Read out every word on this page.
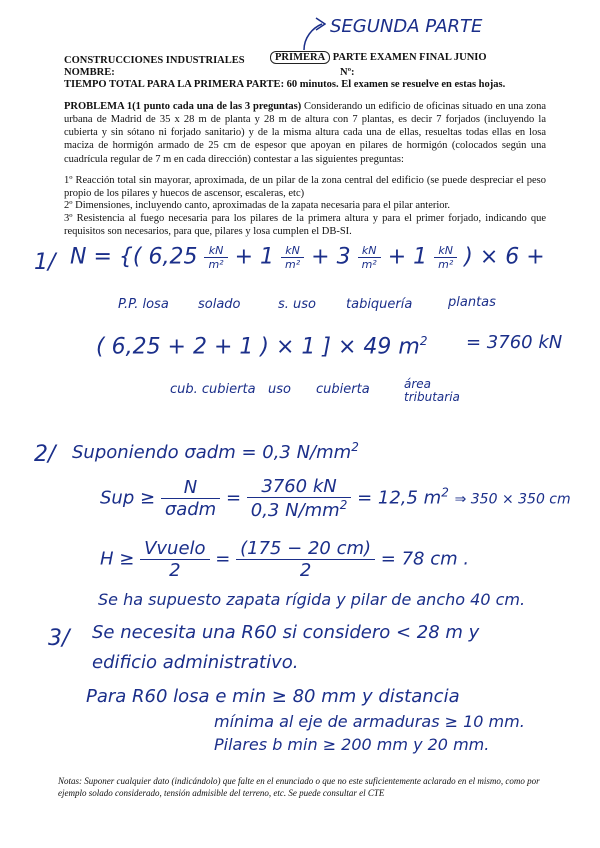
SEGUNDA PARTE
CONSTRUCCIONES INDUSTRIALES	PRIMERA PARTE EXAMEN FINAL JUNIO
NOMBRE:	Nº:
TIEMPO TOTAL PARA LA PRIMERA PARTE: 60 minutos. El examen se resuelve en estas hojas.
PROBLEMA 1(1 punto cada una de las 3 preguntas) Considerando un edificio de oficinas situado en una zona urbana de Madrid de 35 x 28 m de planta y 28 m de altura con 7 plantas, es decir 7 forjados (incluyendo la cubierta y sin sótano ni forjado sanitario) y de la misma altura cada una de ellas, resueltas todas ellas en losa maciza de hormigón armado de 25 cm de espesor que apoyan en pilares de hormigón (colocados según una cuadrícula regular de 7 m en cada dirección) contestar a las siguientes preguntas:
1º Reacción total sin mayorar, aproximada, de un pilar de la zona central del edificio (se puede despreciar el peso propio de los pilares y huecos de ascensor, escaleras, etc)
2º Dimensiones, incluyendo canto, aproximadas de la zapata necesaria para el pilar anterior.
3º Resistencia al fuego necesaria para los pilares de la primera altura y para el primer forjado, indicando que requisitos son necesarios, para que, pilares y losa cumplen el DB-SI.
1/ N = {( $6,25 \frac{kN}{\text{m²}} + 1 \frac{kN}{\text{m²}} + 3 \frac{kN}{\text{m²}} + 1 \frac{kN}{\text{m²}}$ ) × 6 +
P.P. losa solado	s. uso tabiquería	plantas
( 6,25 + 2 + 1 ) × 1 ] × 49 $m^2 = 3760$ kN
cub. cubierta uso cubierta	área
tributaria
2/ Suponiendo σadm = 0,3 $N/mm^2$
Sup ≥ $\frac{N}{\text{σadm}} = \frac{3760 kN}{0,3 N/mm^2} = 12,5$ $m^2$ ⇒ 350 × 350 cm
$H \ge \frac{\text{Vvuelo}}{2} = \frac{(175 - 20 cm)}{2} = 78$ cm .
Se ha supuesto zapata rígida y pilar de ancho 40 cm.
3/ Se necesita una R60 si considero < 28 m y
edificio administrativo.
Para R60 losa e min ≥ 80 mm y distancia
mínima al eje de armaduras ≥ 10 mm.
Pilares b min ≥ 200 mm y 20 mm.
Notas: Suponer cualquier dato (indicándolo) que falte en el enunciado o que no este suficientemente aclarado en el mismo, como por ejemplo solado considerado, tensión admisible del terreno, etc. Se puede consultar el CTE
